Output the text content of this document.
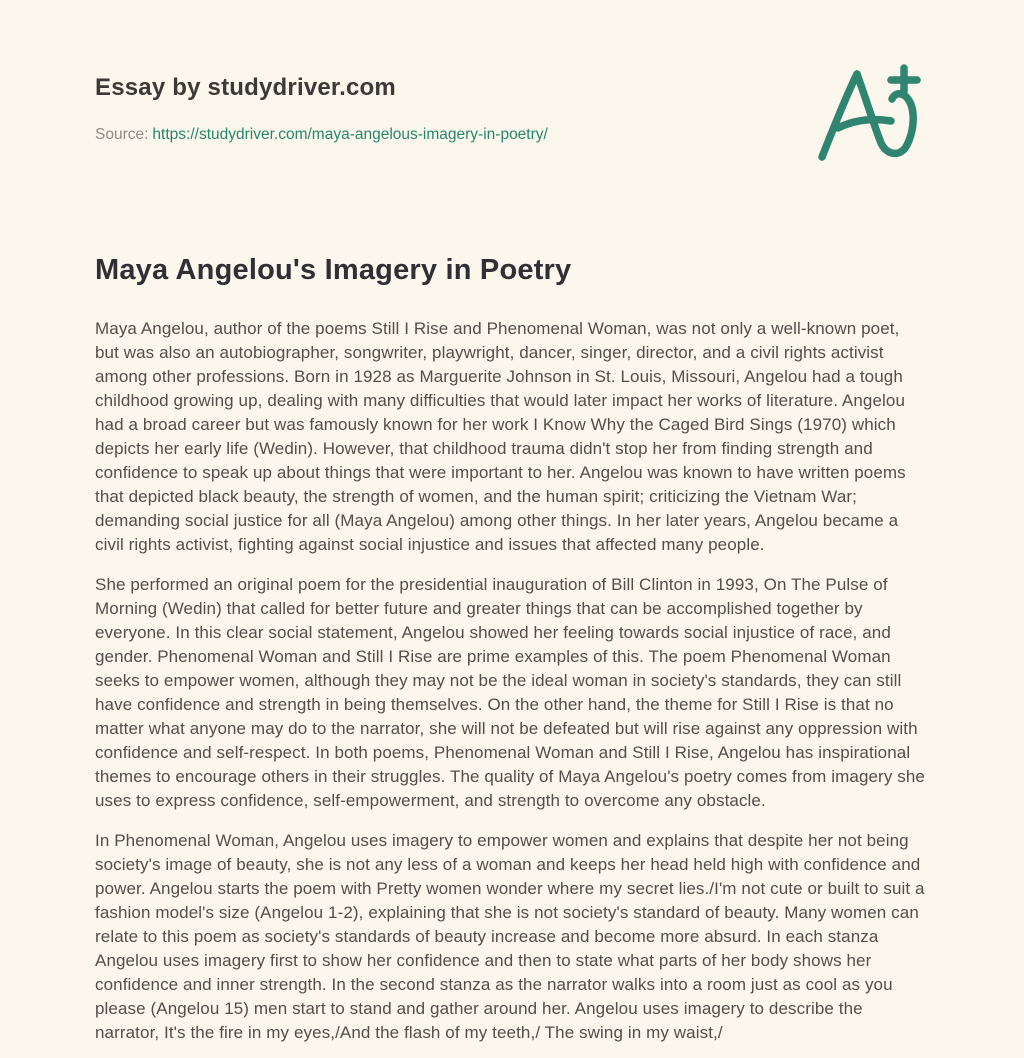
Essay by studydriver.com
Source: https://studydriver.com/maya-angelous-imagery-in-poetry/
Maya Angelou's Imagery in Poetry

Maya Angelou, author of the poems Still I Rise and Phenomenal Woman, was not only a well-known poet, but was also an autobiographer, songwriter, playwright, dancer, singer, director, and a civil rights activist among other professions. Born in 1928 as Marguerite Johnson in St. Louis, Missouri, Angelou had a tough childhood growing up, dealing with many difficulties that would later impact her works of literature. Angelou had a broad career but was famously known for her work I Know Why the Caged Bird Sings (1970) which depicts her early life (Wedin). However, that childhood trauma didn't stop her from finding strength and confidence to speak up about things that were important to her. Angelou was known to have written poems that depicted black beauty, the strength of women, and the human spirit; criticizing the Vietnam War; demanding social justice for all (Maya Angelou) among other things. In her later years, Angelou became a civil rights activist, fighting against social injustice and issues that affected many people.

She performed an original poem for the presidential inauguration of Bill Clinton in 1993, On The Pulse of Morning (Wedin) that called for better future and greater things that can be accomplished together by everyone. In this clear social statement, Angelou showed her feeling towards social injustice of race, and gender. Phenomenal Woman and Still I Rise are prime examples of this. The poem Phenomenal Woman seeks to empower women, although they may not be the ideal woman in society's standards, they can still have confidence and strength in being themselves. On the other hand, the theme for Still I Rise is that no matter what anyone may do to the narrator, she will not be defeated but will rise against any oppression with confidence and self-respect. In both poems, Phenomenal Woman and Still I Rise, Angelou has inspirational themes to encourage others in their struggles. The quality of Maya Angelou's poetry comes from imagery she uses to express confidence, self-empowerment, and strength to overcome any obstacle.

In Phenomenal Woman, Angelou uses imagery to empower women and explains that despite her not being society's image of beauty, she is not any less of a woman and keeps her head held high with confidence and power. Angelou starts the poem with Pretty women wonder where my secret lies./I'm not cute or built to suit a fashion model's size (Angelou 1-2), explaining that she is not society's standard of beauty. Many women can relate to this poem as society's standards of beauty increase and become more absurd. In each stanza Angelou uses imagery first to show her confidence and then to state what parts of her body shows her confidence and inner strength. In the second stanza as the narrator walks into a room just as cool as you please (Angelou 15) men start to stand and gather around her. Angelou uses imagery to describe the narrator, It's the fire in my eyes,/And the flash of my teeth,/ The swing in my waist,/
